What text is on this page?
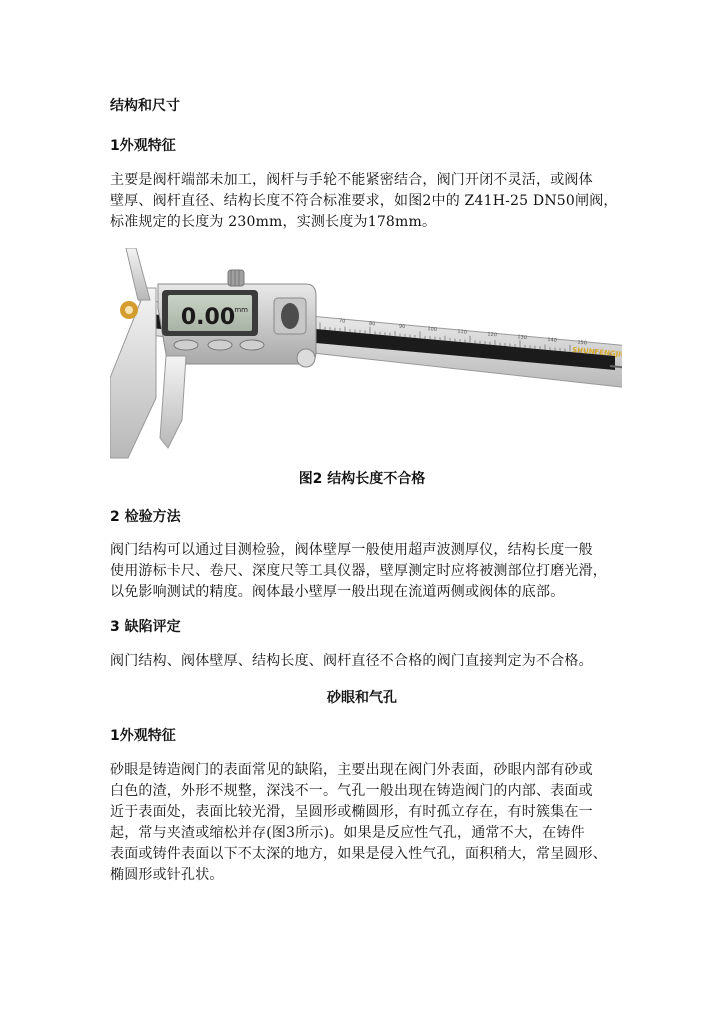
结构和尺寸
1外观特征
主要是阀杆端部未加工，阀杆与手轮不能紧密结合，阀门开闭不灵活，或阀体
壁厚、阀杆直径、结构长度不符合标准要求，如图2中的 Z41H-25 DN50闸阀，
标准规定的长度为 230mm，实测长度为178mm。
0.00 mm
70	80	90	100	110	120	130	140	150
SHUNFENGJIN
图2 结构长度不合格
2 检验方法
阀门结构可以通过目测检验，阀体壁厚一般使用超声波测厚仪，结构长度一般
使用游标卡尺、卷尺、深度尺等工具仪器，壁厚测定时应将被测部位打磨光滑，
以免影响测试的精度。阀体最小壁厚一般出现在流道两侧或阀体的底部。
3 缺陷评定
阀门结构、阀体壁厚、结构长度、阀杆直径不合格的阀门直接判定为不合格。
砂眼和气孔
1外观特征
砂眼是铸造阀门的表面常见的缺陷，主要出现在阀门外表面，砂眼内部有砂或
白色的渣，外形不规整，深浅不一。气孔一般出现在铸造阀门的内部、表面或
近于表面处，表面比较光滑，呈圆形或椭圆形，有时孤立存在，有时簇集在一
起，常与夹渣或缩松并存(图3所示)。如果是反应性气孔，通常不大，在铸件
表面或铸件表面以下不太深的地方，如果是侵入性气孔，面积稍大，常呈圆形、
椭圆形或针孔状。
